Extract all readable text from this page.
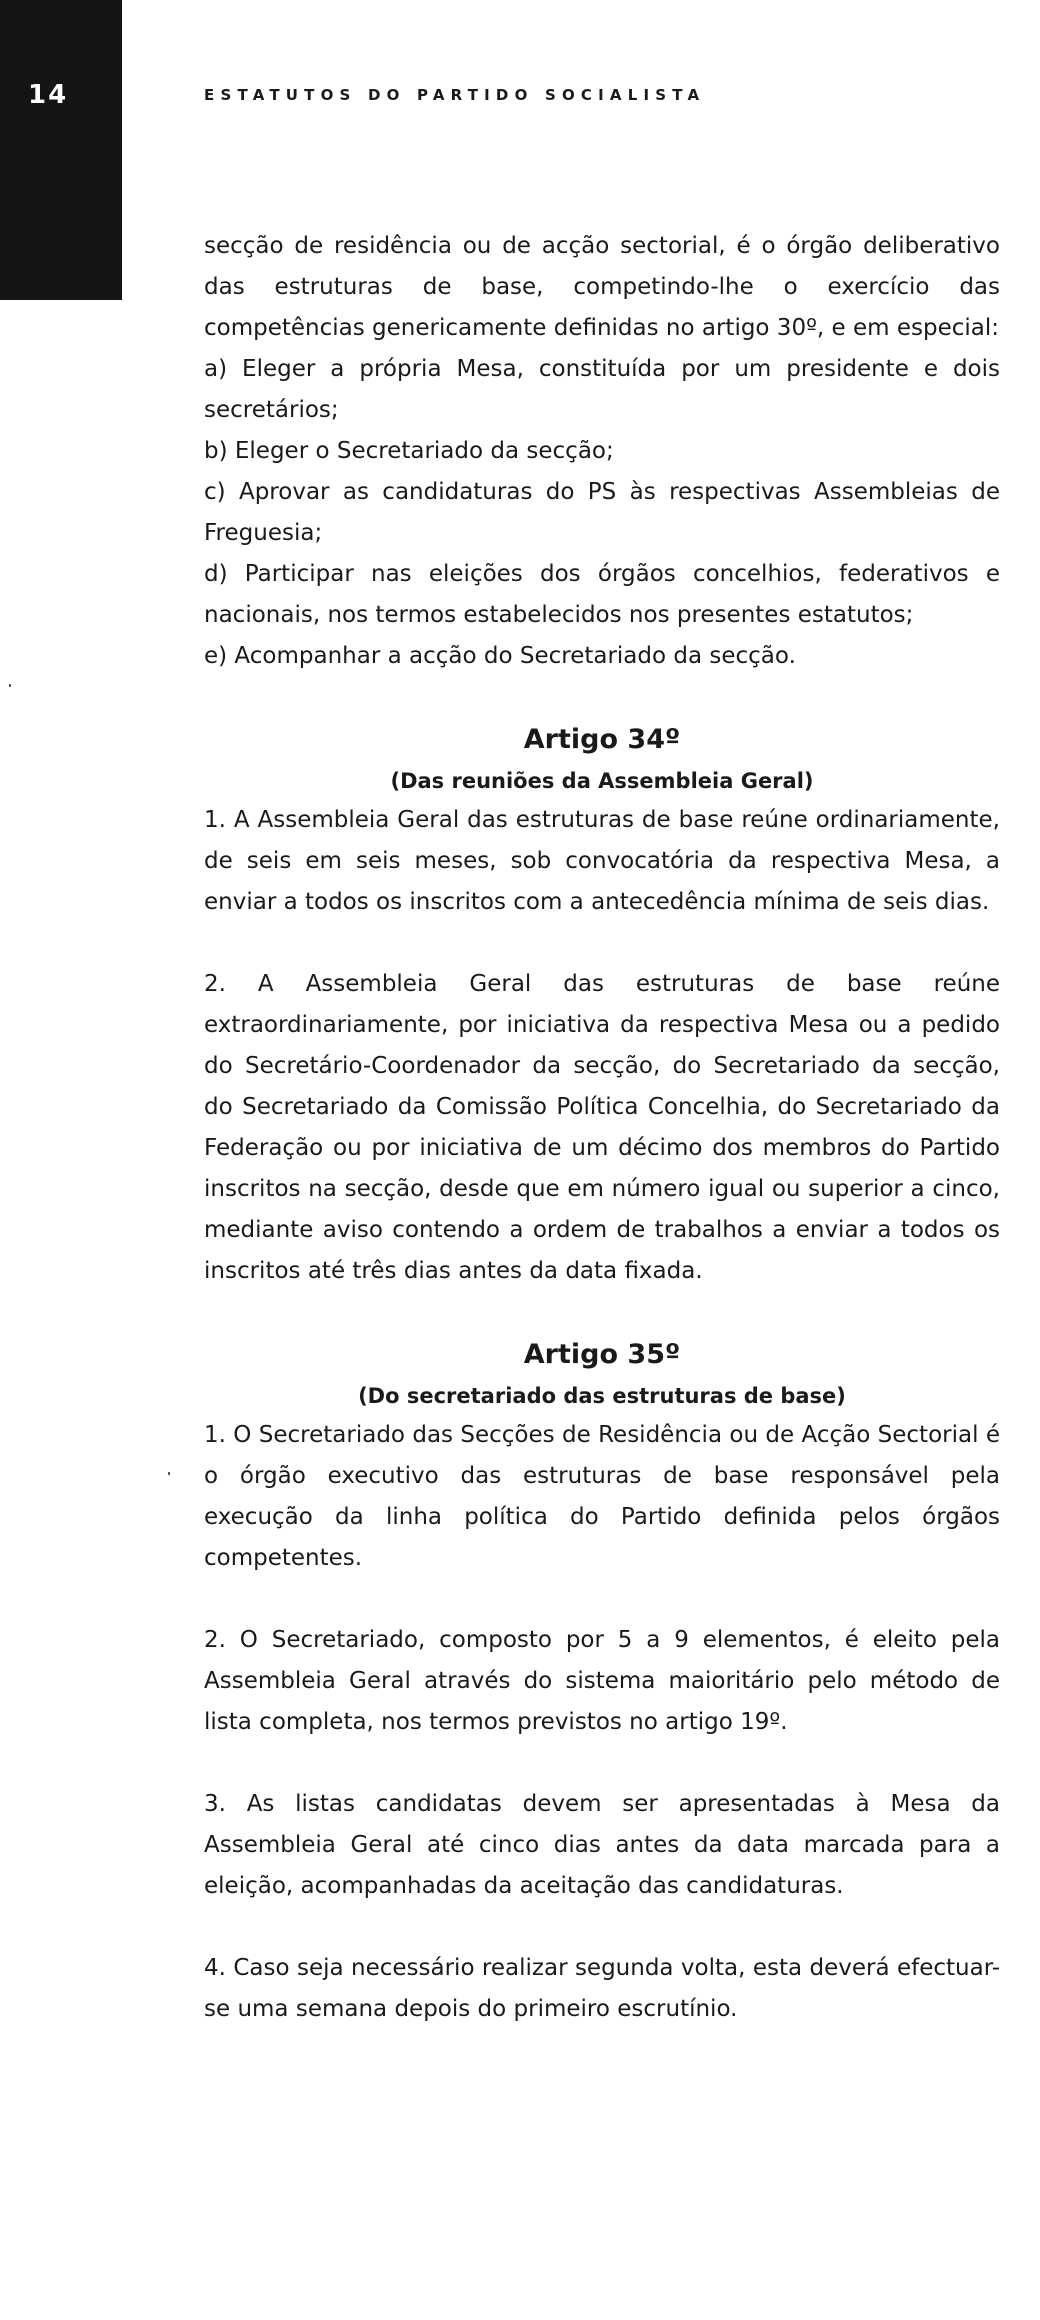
14	ESTATUTOS DO PARTIDO SOCIALISTA

secção de residência ou de acção sectorial, é o órgão deliberativo das estruturas de base, competindo-lhe o exercício das competências genericamente definidas no artigo 30º, e em especial:

a) Eleger a própria Mesa, constituída por um presidente e dois secretários;

b) Eleger o Secretariado da secção;

c) Aprovar as candidaturas do PS às respectivas Assembleias de Freguesia;

d) Participar nas eleições dos órgãos concelhios, federativos e nacionais, nos termos estabelecidos nos presentes estatutos;

e) Acompanhar a acção do Secretariado da secção.

Artigo 34º
(Das reuniões da Assembleia Geral)

1. A Assembleia Geral das estruturas de base reúne ordinariamente, de seis em seis meses, sob convocatória da respectiva Mesa, a enviar a todos os inscritos com a antecedência mínima de seis dias.

2. A Assembleia Geral das estruturas de base reúne extraordinariamente, por iniciativa da respectiva Mesa ou a pedido do Secretário-Coordenador da secção, do Secretariado da secção, do Secretariado da Comissão Política Concelhia, do Secretariado da Federação ou por iniciativa de um décimo dos membros do Partido inscritos na secção, desde que em número igual ou superior a cinco, mediante aviso contendo a ordem de trabalhos a enviar a todos os inscritos até três dias antes da data fixada.

Artigo 35º
(Do secretariado das estruturas de base)

1. O Secretariado das Secções de Residência ou de Acção Sectorial é o órgão executivo das estruturas de base responsável pela execução da linha política do Partido definida pelos órgãos competentes.

2. O Secretariado, composto por 5 a 9 elementos, é eleito pela Assembleia Geral através do sistema maioritário pelo método de lista completa, nos termos previstos no artigo 19º.

3. As listas candidatas devem ser apresentadas à Mesa da Assembleia Geral até cinco dias antes da data marcada para a eleição, acompanhadas da aceitação das candidaturas.

4. Caso seja necessário realizar segunda volta, esta deverá efectuar-se uma semana depois do primeiro escrutínio.
